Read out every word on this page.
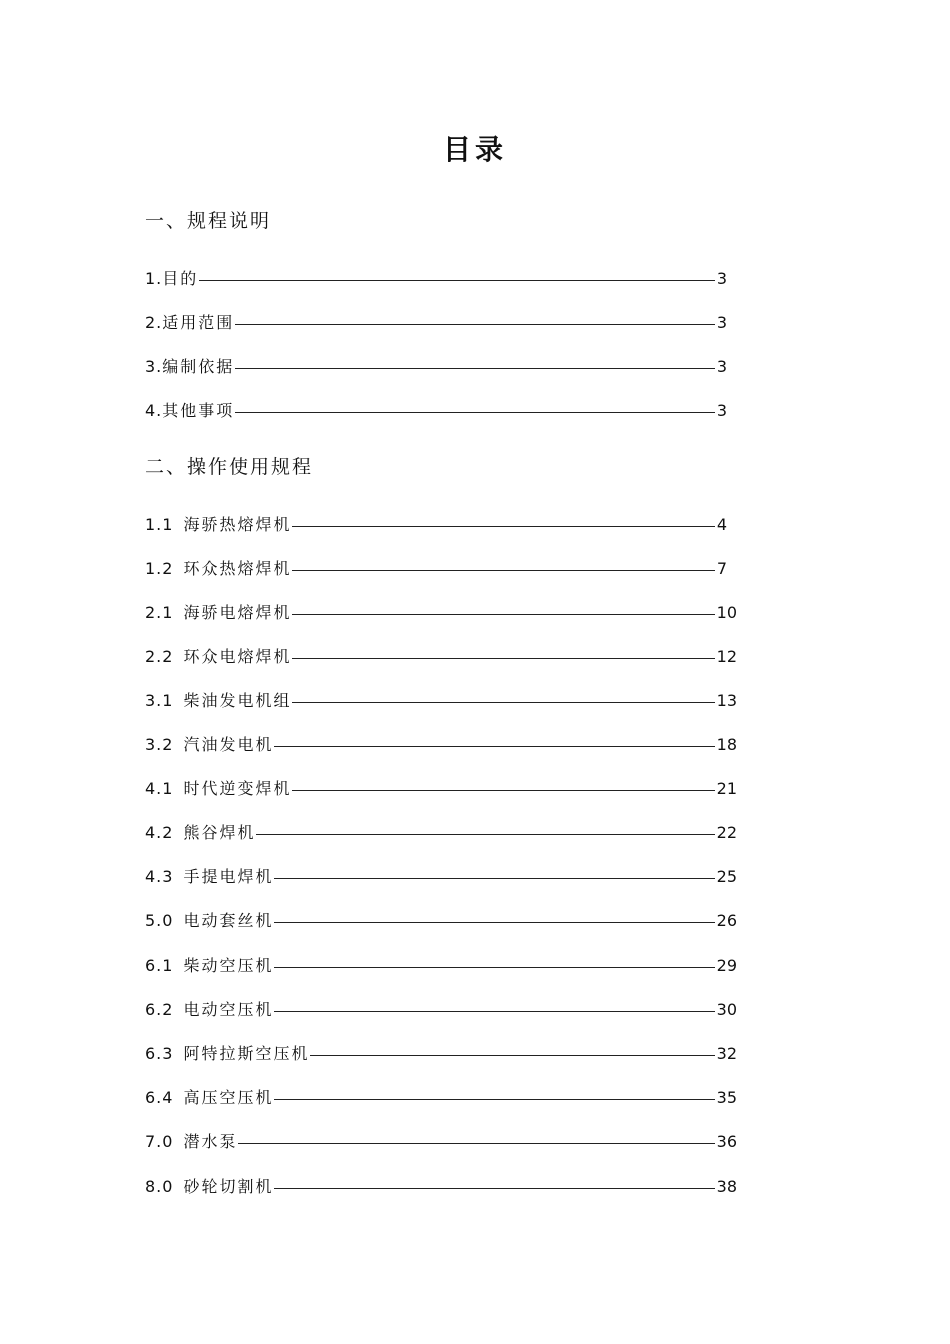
目录
一、规程说明
1. 目的	3
2. 适用范围	3
3. 编制依据	3
4. 其他事项	3
二、操作使用规程
1.1 海骄热熔焊机	4
1.2 环众热熔焊机	7
2.1 海骄电熔焊机	10
2.2 环众电熔焊机	12
3.1 柴油发电机组	13
3.2 汽油发电机	18
4.1 时代逆变焊机	21
4.2 熊谷焊机	22
4.3 手提电焊机	25
5.0 电动套丝机	26
6.1 柴动空压机	29
6.2 电动空压机	30
6.3 阿特拉斯空压机	32
6.4 高压空压机	35
7.0 潜水泵	36
8.0 砂轮切割机	38
